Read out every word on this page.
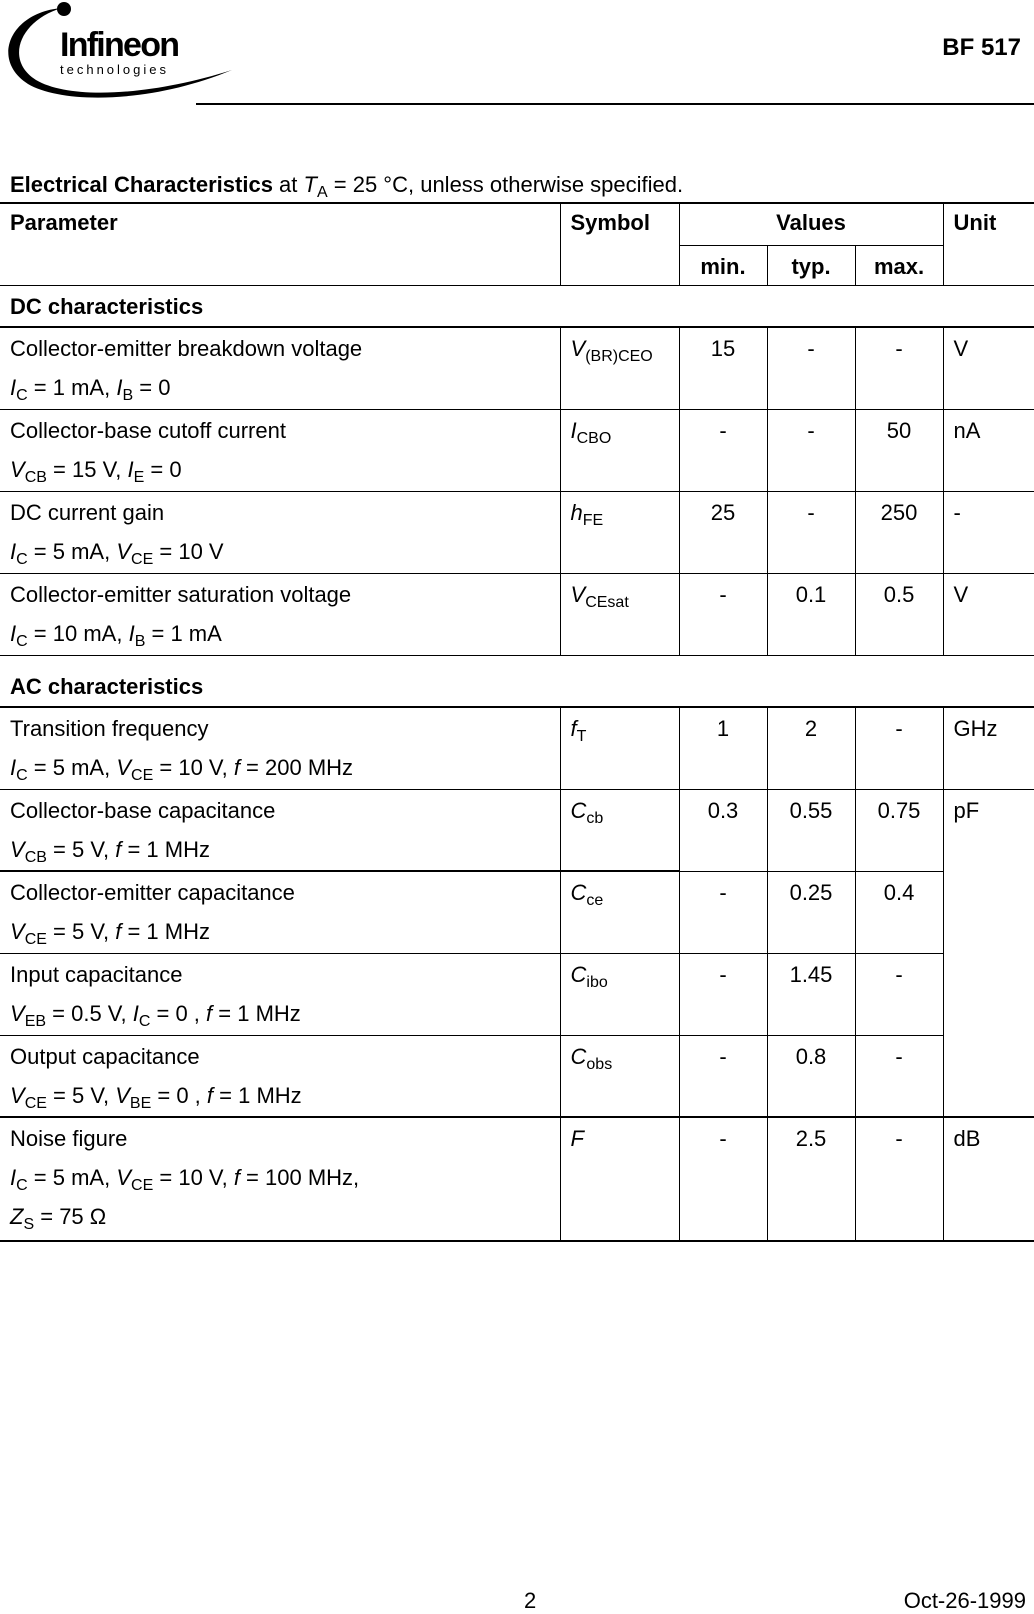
Infineon
technologies
BF 517
Electrical Characteristics at $T_A = 25$ °C, unless otherwise specified.
Parameter	Symbol	Values			Unit
		min.	typ.	max.	
DC characteristics					
Collector-emitter breakdown voltage
$I_C = 1$ mA, $I_B = 0$	$V_{(BR)CEO}$	15	-	-	V
Collector-base cutoff current
$V_{CB} = 15$ V, $I_E = 0$	$I_{CBO}$	-	-	50	nA
DC current gain
$I_C = 5$ mA, $V_{CE} = 10$ V	$h_{FE}$	25	-	250	-
Collector-emitter saturation voltage
$I_C = 10$ mA, $I_B = 1$ mA	$V_{CEsat}$	-	0.1	0.5	V
AC characteristics					
Transition frequency
$I_C = 5$ mA, $V_{CE} = 10$ V, f = 200 MHz	$f_T$	1	2	-	GHz
Collector-base capacitance
$V_{CB} = 5$ V, f = 1 MHz	$C_{cb}$	0.3	0.55	0.75	pF
Collector-emitter capacitance
$V_{CE} = 5$ V, f = 1 MHz	$C_{ce}$	-	0.25	0.4	
Input capacitance
$V_{EB} = 0.5$ V, $I_C = 0$ , f = 1 MHz	$C_{ibo}$	-	1.45	-	
Output capacitance
$V_{CE} = 5$ V, $V_{BE} = 0$ , f = 1 MHz	$C_{obs}$	-	0.8	-	
Noise figure
$I_C = 5$ mA, $V_{CE} = 10$ V, f = 100 MHz,
$Z_S = 75$ Ω	F	-	2.5	-	dB
2	Oct-26-1999
